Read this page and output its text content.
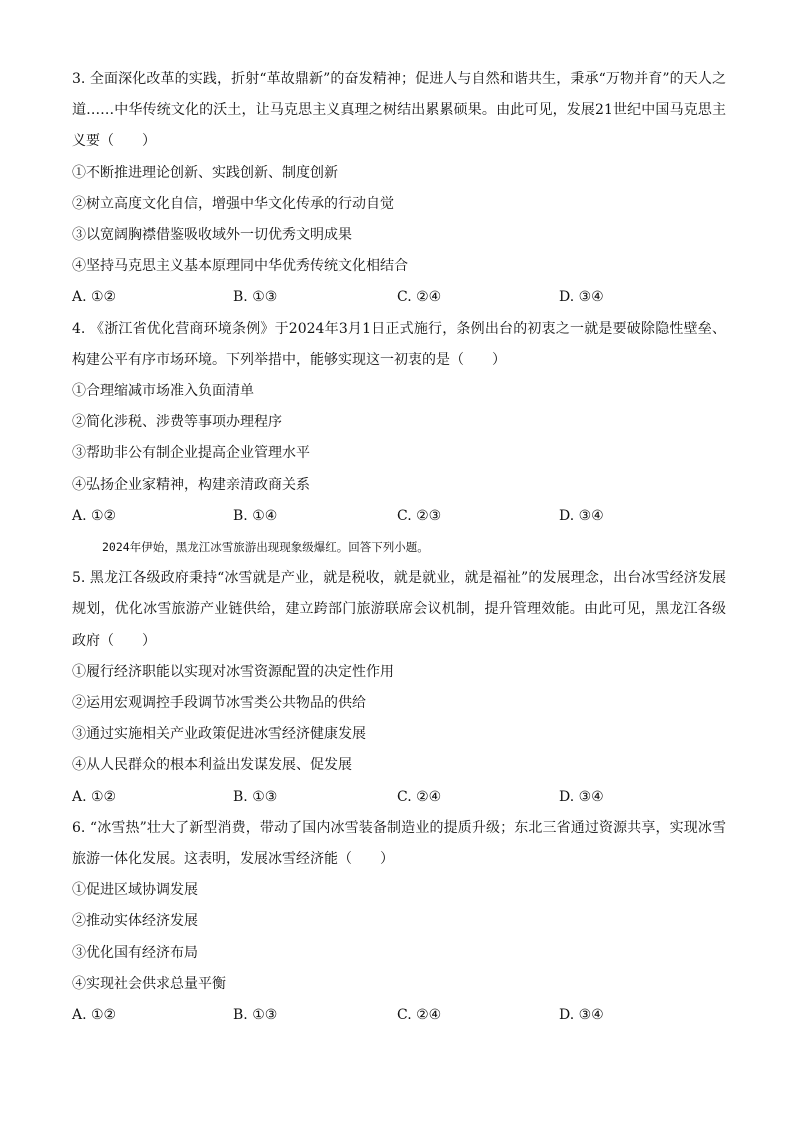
3. 全面深化改革的实践，折射“革故鼎新”的奋发精神；促进人与自然和谐共生，秉承“万物并育”的天人之道……中华传统文化的沃土，让马克思主义真理之树结出累累硕果。由此可见，发展21世纪中国马克思主义要（　　）
①不断推进理论创新、实践创新、制度创新
②树立高度文化自信，增强中华文化传承的行动自觉
③以宽阔胸襟借鉴吸收域外一切优秀文明成果
④坚持马克思主义基本原理同中华优秀传统文化相结合
A. ①②	B. ①③	C. ②④	D. ③④
4. 《浙江省优化营商环境条例》于2024年3月1日正式施行，条例出台的初衷之一就是要破除隐性壁垒、构建公平有序市场环境。下列举措中，能够实现这一初衷的是（　　）
①合理缩减市场准入负面清单
②简化涉税、涉费等事项办理程序
③帮助非公有制企业提高企业管理水平
④弘扬企业家精神，构建亲清政商关系
A. ①②	B. ①④	C. ②③	D. ③④
2024年伊始，黑龙江冰雪旅游出现现象级爆红。回答下列小题。
5. 黑龙江各级政府秉持“冰雪就是产业，就是税收，就是就业，就是福祉”的发展理念，出台冰雪经济发展规划，优化冰雪旅游产业链供给，建立跨部门旅游联席会议机制，提升管理效能。由此可见，黑龙江各级政府（　　）
①履行经济职能以实现对冰雪资源配置的决定性作用
②运用宏观调控手段调节冰雪类公共物品的供给
③通过实施相关产业政策促进冰雪经济健康发展
④从人民群众的根本利益出发谋发展、促发展
A. ①②	B. ①③	C. ②④	D. ③④
6. “冰雪热”壮大了新型消费，带动了国内冰雪装备制造业的提质升级；东北三省通过资源共享，实现冰雪旅游一体化发展。这表明，发展冰雪经济能（　　）
①促进区域协调发展
②推动实体经济发展
③优化国有经济布局
④实现社会供求总量平衡
A. ①②	B. ①③	C. ②④	D. ③④
